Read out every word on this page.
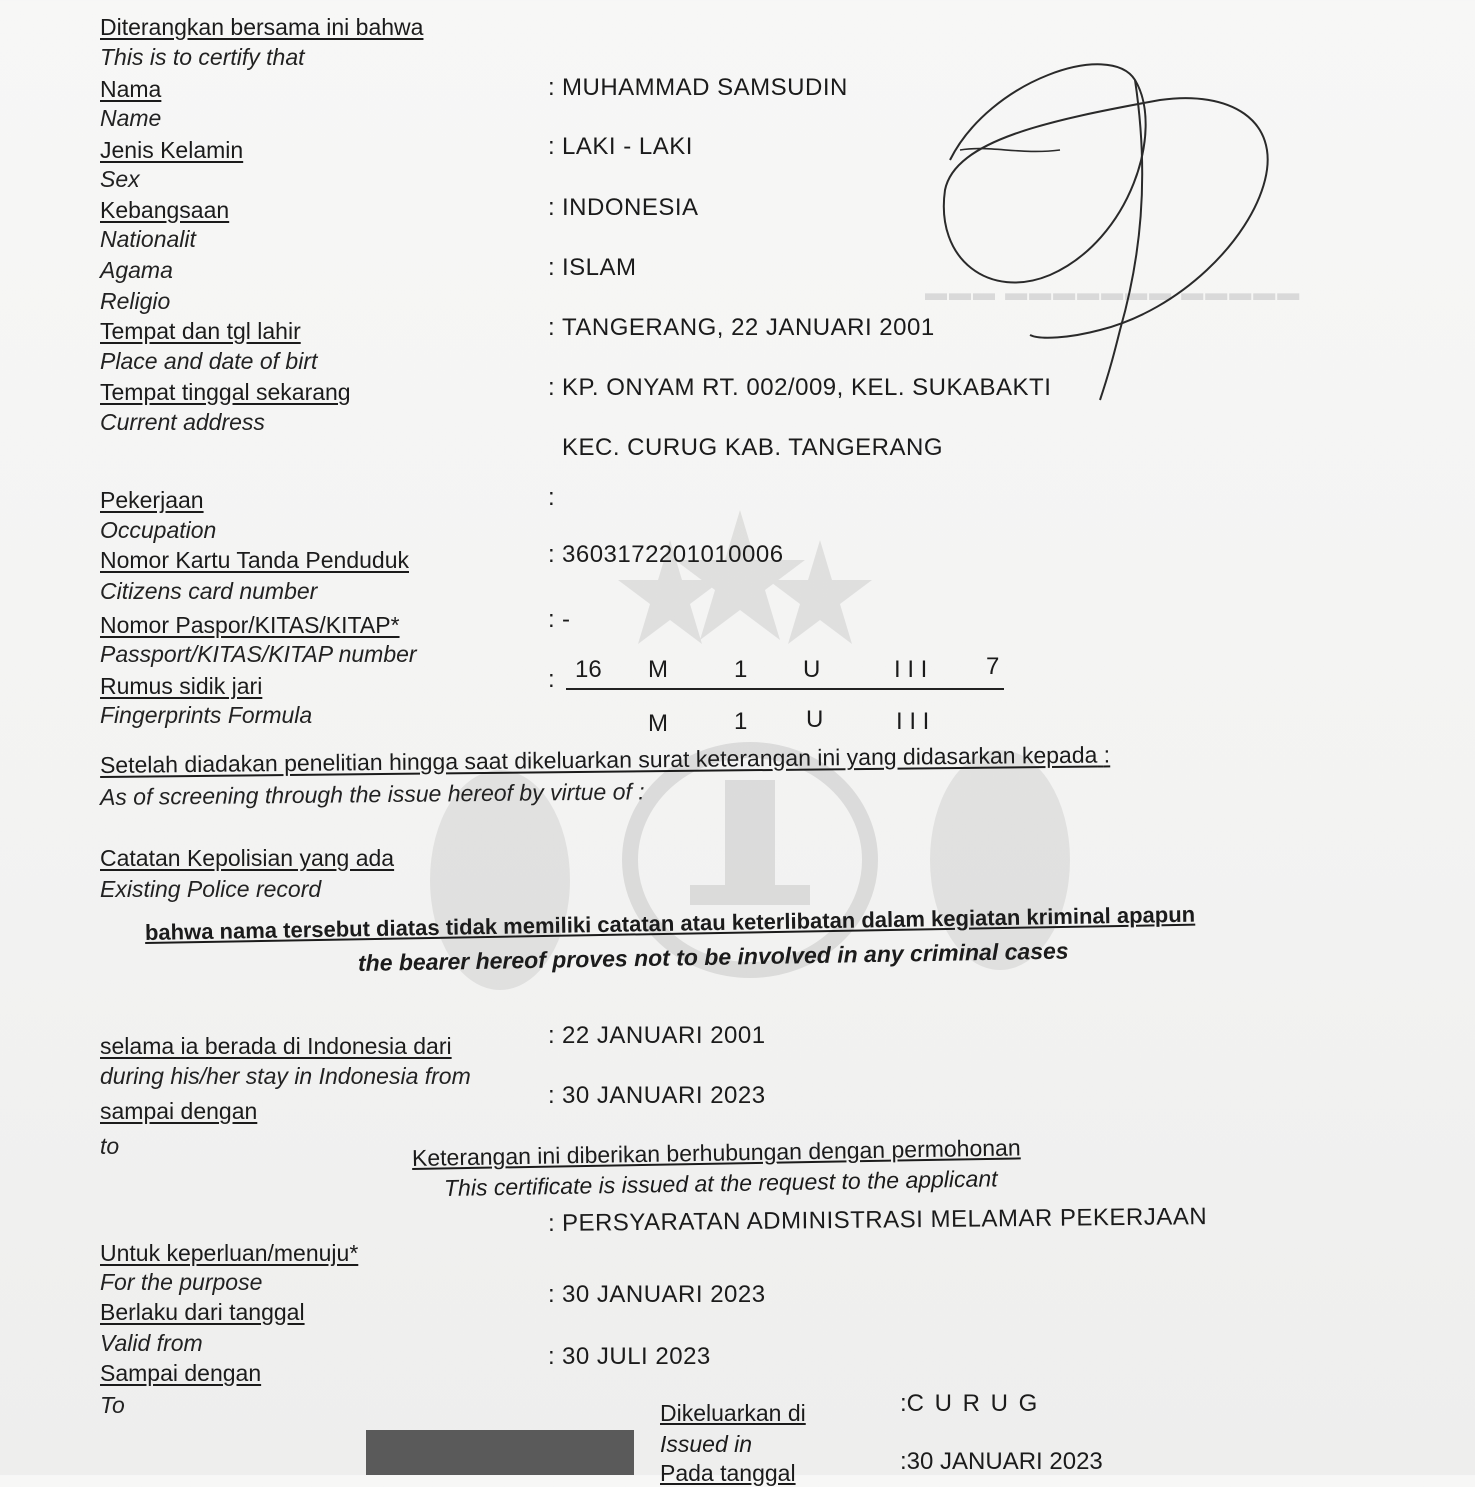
▬▬▬ ▬▬▬▬▬▬▬ ▬▬▬▬▬
Diterangkan bersama ini bahwa
This is to certify that
Nama
Name
: MUHAMMAD SAMSUDIN
Jenis Kelamin
Sex
: LAKI - LAKI
Kebangsaan
Nationalit
: INDONESIA
Agama
Religio
: ISLAM
Tempat dan tgl lahir
Place and date of birt
: TANGERANG, 22 JANUARI 2001
Tempat tinggal sekarang
Current address
: KP. ONYAM RT. 002/009, KEL. SUKABAKTI
KEC. CURUG KAB. TANGERANG
Pekerjaan
Occupation
:
Nomor Kartu Tanda Penduduk
Citizens card number
: 3603172201010006
Nomor Paspor/KITAS/KITAP*
Passport/KITAS/KITAP number
: -
Rumus sidik jari
Fingerprints Formula
: 16 M	1 U	I I I 7
M	1 U	I I I
Setelah diadakan penelitian hingga saat dikeluarkan surat keterangan ini yang didasarkan kepada :
As of screening through the issue hereof by virtue of :
Catatan Kepolisian yang ada
Existing Police record
bahwa nama tersebut diatas tidak memiliki catatan atau keterlibatan dalam kegiatan kriminal apapun
the bearer hereof proves not to be involved in any criminal cases
selama ia berada di Indonesia dari
during his/her stay in Indonesia from
: 22 JANUARI 2001
sampai dengan
to
: 30 JANUARI 2023
Keterangan ini diberikan berhubungan dengan permohonan
This certificate is issued at the request to the applicant
Untuk keperluan/menuju*
For the purpose
: PERSYARATAN ADMINISTRASI MELAMAR PEKERJAAN
Berlaku dari tanggal
Valid from
: 30 JANUARI 2023
Sampai dengan
To
: 30 JULI 2023
Dikeluarkan di
Issued in
:C U R U G
Pada tanggal	:30 JANUARI 2023
